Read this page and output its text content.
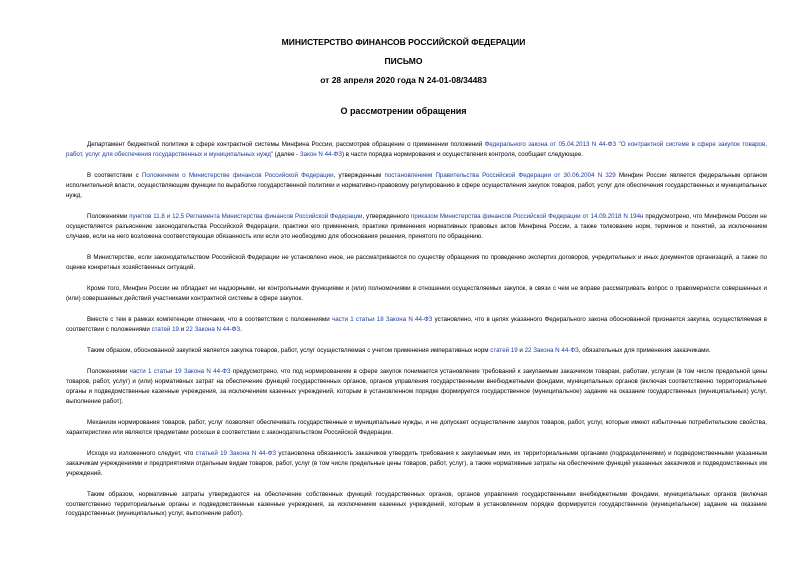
МИНИСТЕРСТВО ФИНАНСОВ РОССИЙСКОЙ ФЕДЕРАЦИИ
ПИСЬМО
от 28 апреля 2020 года N 24-01-08/34483
О рассмотрении обращения

Департамент бюджетной политики в сфере контрактной системы Минфина России, рассмотрев обращение о применении положений Федерального закона от 05.04.2013 N 44-ФЗ "О контрактной системе в сфере закупок товаров, работ, услуг для обеспечения государственных и муниципальных нужд" (далее - Закон N 44-ФЗ) в части порядка нормирования и осуществления контроля, сообщает следующее.

В соответствии с Положением о Министерстве финансов Российской Федерации, утвержденным постановлением Правительства Российской Федерации от 30.06.2004 N 329 Минфин России является федеральным органом исполнительной власти, осуществляющим функции по выработке государственной политики и нормативно-правовому регулированию в сфере осуществления закупок товаров, работ, услуг для обеспечения государственных и муниципальных нужд.

Положениями пунктов 11.8 и 12.5 Регламента Министерства финансов Российской Федерации, утвержденного приказом Министерства финансов Российской Федерации от 14.09.2018 N 194н предусмотрено, что Минфином России не осуществляется разъяснение законодательства Российской Федерации, практики его применения, практики применения нормативных правовых актов Минфина России, а также толкование норм, терминов и понятий, за исключением случаев, если на него возложена соответствующая обязанность или если это необходимо для обоснования решения, принятого по обращению.

В Министерстве, если законодательством Российской Федерации не установлено иное, не рассматриваются по существу обращения по проведению экспертиз договоров, учредительных и иных документов организаций, а также по оценке конкретных хозяйственных ситуаций.

Кроме того, Минфин России не обладает ни надзорными, ни контрольными функциями и (или) полномочиями в отношении осуществляемых закупок, в связи с чем не вправе рассматривать вопрос о правомерности совершенных и (или) совершаемых действий участниками контрактной системы в сфере закупок.

Вместе с тем в рамках компетенции отмечаем, что в соответствии с положениями части 1 статьи 18 Закона N 44-ФЗ установлено, что в целях указанного Федерального закона обоснованной признается закупка, осуществляемая в соответствии с положениями статей 19 и 22 Закона N 44-ФЗ.

Таким образом, обоснованной закупкой является закупка товаров, работ, услуг осуществляемая с учетом применения императивных норм статей 19 и 22 Закона N 44-ФЗ, обязательных для применения заказчиками.

Положениями части 1 статьи 19 Закона N 44-ФЗ предусмотрено, что под нормированием в сфере закупок понимается установление требований к закупаемым заказчиком товарам, работам, услугам (в том числе предельной цены товаров, работ, услуг) и (или) нормативных затрат на обеспечение функций государственных органов, органов управления государственными внебюджетными фондами, муниципальных органов (включая соответственно территориальные органы и подведомственные казенные учреждения, за исключением казенных учреждений, которым в установленном порядке формируется государственное (муниципальное) задание на оказание государственных (муниципальных) услуг, выполнение работ).

Механизм нормирования товаров, работ, услуг позволяет обеспечивать государственные и муниципальные нужды, и не допускает осуществление закупок товаров, работ, услуг, которые имеют избыточные потребительские свойства, характеристики или являются предметами роскоши в соответствии с законодательством Российской Федерации.

Исходя из изложенного следует, что статьей 19 Закона N 44-ФЗ установлена обязанность заказчиков утвердить требования к закупаемым ими, их территориальными органами (подразделениями) и подведомственными указанным заказчикам учреждениями и предприятиями отдельным видам товаров, работ, услуг (в том числе предельные цены товаров, работ, услуг), а также нормативные затраты на обеспечение функций указанных заказчиков и подведомственных им учреждений.

Таким образом, нормативные затраты утверждаются на обеспечение собственных функций государственных органов, органов управления государственными внебюджетными фондами, муниципальных органов (включая соответственно территориальные органы и подведомственные казенные учреждения, за исключением казенных учреждений, которым в установленном порядке формируется государственное (муниципальное) задание на оказание государственных (муниципальных) услуг, выполнение работ).
